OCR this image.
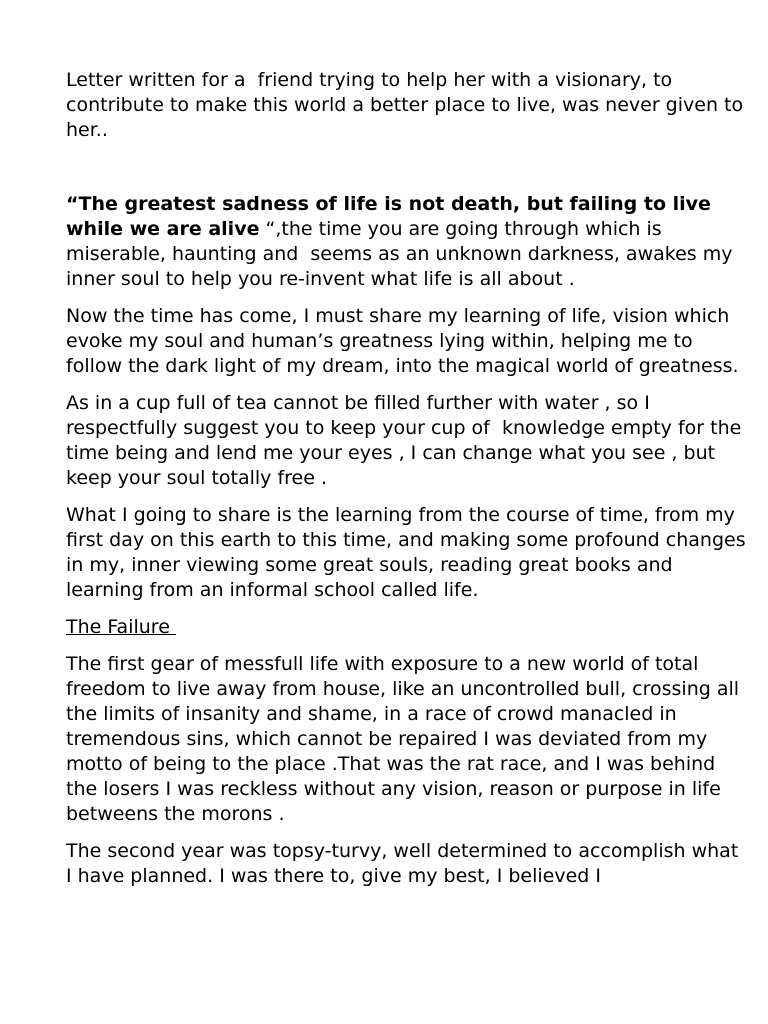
Letter written for a  friend trying to help her with a visionary, to contribute to make this world a better place to live, was never given to her..

“The greatest sadness of life is not death, but failing to live while we are alive “,the time you are going through which is miserable, haunting and  seems as an unknown darkness, awakes my  inner soul to help you re-invent what life is all about .

Now the time has come, I must share my learning of life, vision which evoke my soul and human’s greatness lying within, helping me to follow the dark light of my dream, into the magical world of greatness.

As in a cup full of tea cannot be filled further with water , so I respectfully suggest you to keep your cup of  knowledge empty for the time being and lend me your eyes , I can change what you see , but keep your soul totally free .

What I going to share is the learning from the course of time, from my first day on this earth to this time, and making some profound changes in my, inner viewing some great souls, reading great books and learning from an informal school called life.

The Failure

The first gear of messfull life with exposure to a new world of total freedom to live away from house, like an uncontrolled bull, crossing all the limits of insanity and shame, in a race of crowd manacled in tremendous sins, which cannot be repaired I was deviated from my motto of being to the place .That was the rat race, and I was behind the losers I was reckless without any vision, reason or purpose in life betweens the morons .

The second year was topsy-turvy, well determined to accomplish what I have planned. I was there to, give my best, I believed I
